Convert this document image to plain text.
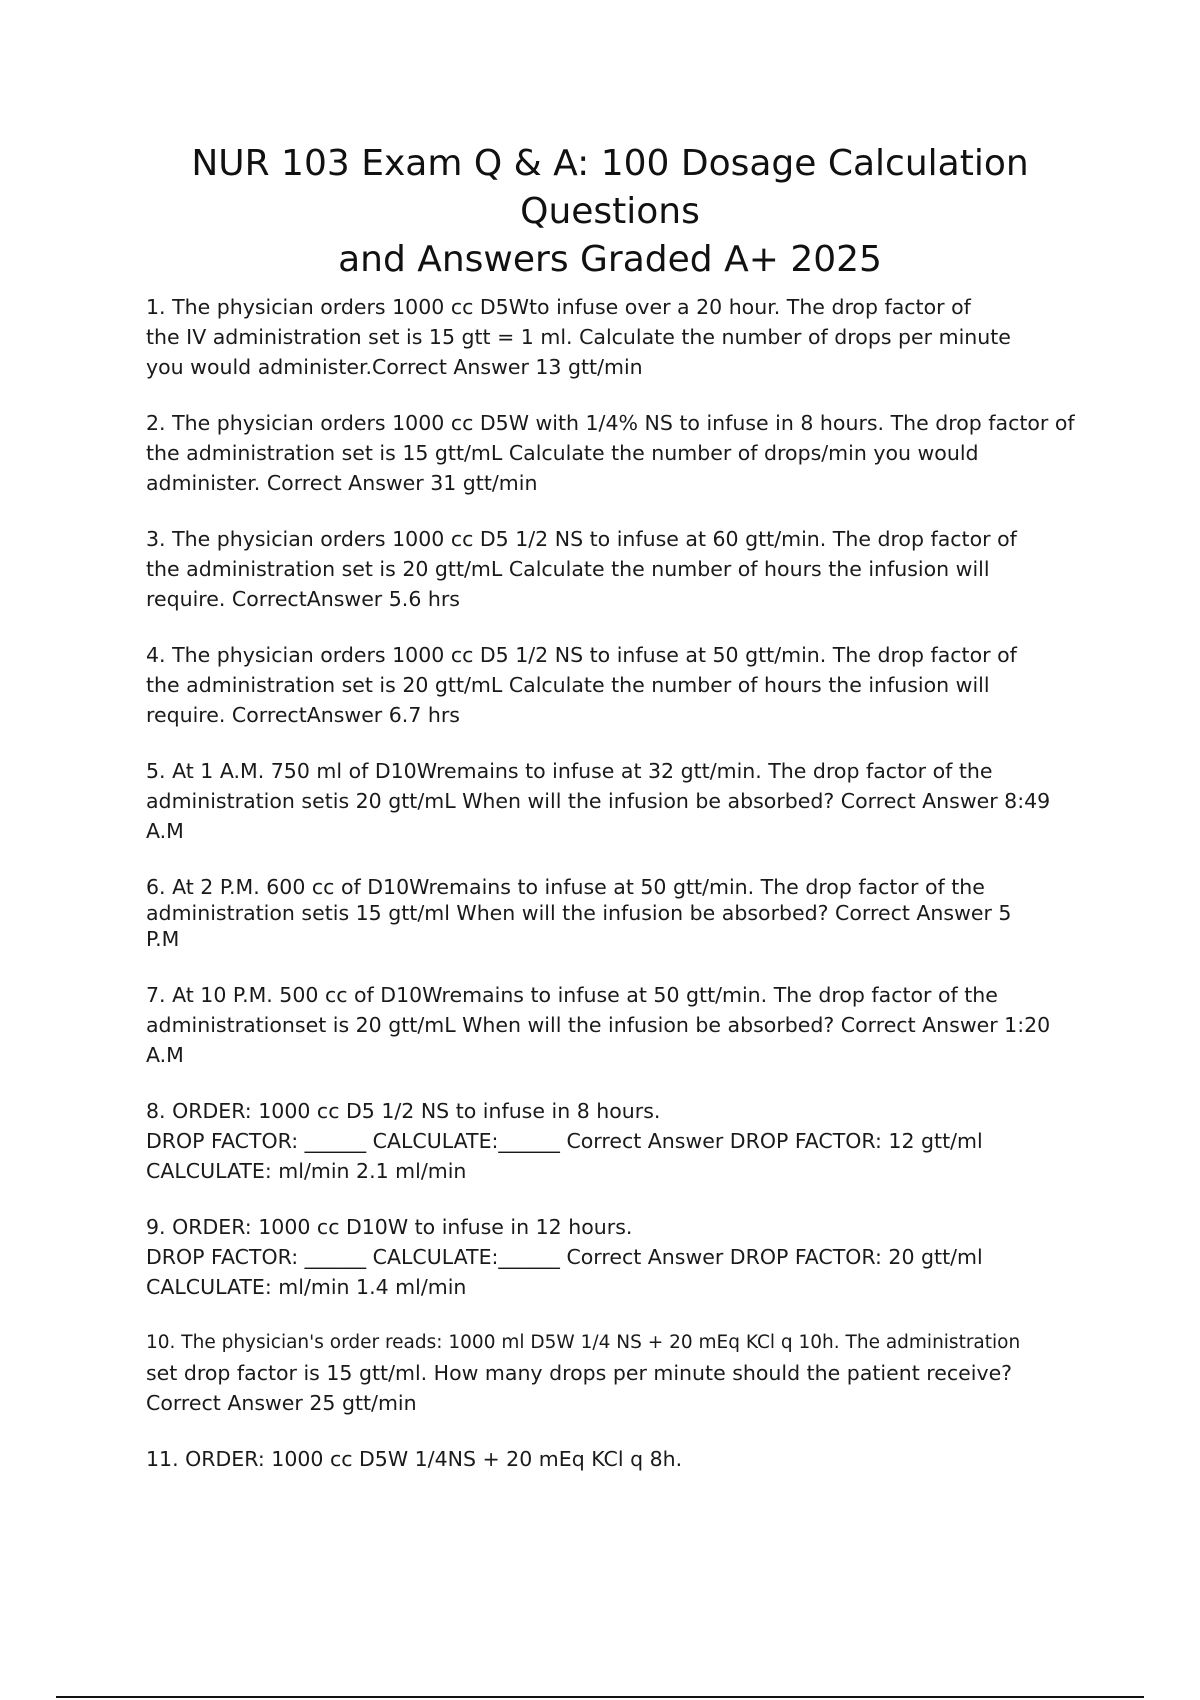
NUR 103 Exam Q & A: 100 Dosage Calculation Questions
and Answers Graded A+ 2025
1. The physician orders 1000 cc D5Wto infuse over a 20 hour. The drop factor of
the IV administration set is 15 gtt = 1 ml. Calculate the number of drops per minute
you would administer.Correct Answer 13 gtt/min
2. The physician orders 1000 cc D5W with 1/4% NS to infuse in 8 hours. The drop factor of
the administration set is 15 gtt/mL Calculate the number of drops/min you would
administer. Correct Answer 31 gtt/min
3. The physician orders 1000 cc D5 1/2 NS to infuse at 60 gtt/min. The drop factor of
the administration set is 20 gtt/mL Calculate the number of hours the infusion will
require. CorrectAnswer 5.6 hrs
4. The physician orders 1000 cc D5 1/2 NS to infuse at 50 gtt/min. The drop factor of
the administration set is 20 gtt/mL Calculate the number of hours the infusion will
require. CorrectAnswer 6.7 hrs
5. At 1 A.M. 750 ml of D10Wremains to infuse at 32 gtt/min. The drop factor of the
administration setis 20 gtt/mL When will the infusion be absorbed? Correct Answer 8:49
A.M
6. At 2 P.M. 600 cc of D10Wremains to infuse at 50 gtt/min. The drop factor of the
administration setis 15 gtt/ml When will the infusion be absorbed? Correct Answer 5
P.M
7. At 10 P.M. 500 cc of D10Wremains to infuse at 50 gtt/min. The drop factor of the
administrationset is 20 gtt/mL When will the infusion be absorbed? Correct Answer 1:20
A.M
8. ORDER: 1000 cc D5 1/2 NS to infuse in 8 hours.
DROP FACTOR: ______ CALCULATE:______ Correct Answer DROP FACTOR: 12 gtt/ml
CALCULATE: ml/min 2.1 ml/min
9. ORDER: 1000 cc D10W to infuse in 12 hours.
DROP FACTOR: ______ CALCULATE:______ Correct Answer DROP FACTOR: 20 gtt/ml
CALCULATE: ml/min 1.4 ml/min
10. The physician's order reads: 1000 ml D5W 1/4 NS + 20 mEq KCl q 10h. The administration
set drop factor is 15 gtt/ml. How many drops per minute should the patient receive?
Correct Answer 25 gtt/min
11. ORDER: 1000 cc D5W 1/4NS + 20 mEq KCl q 8h.
